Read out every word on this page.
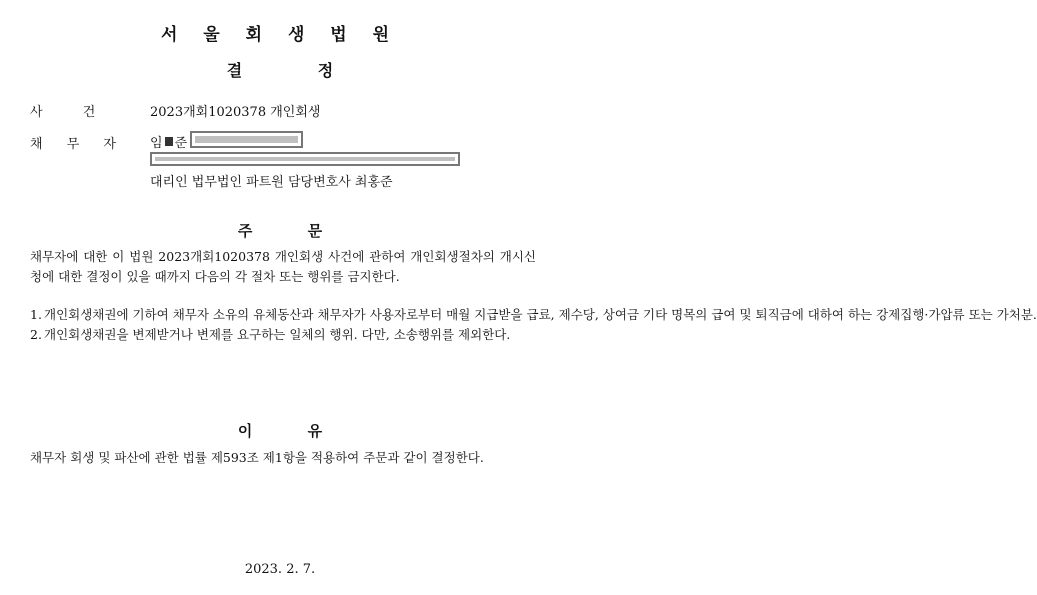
서 울 회 생 법 원
결 정
사 건	2023개회1020378 개인회생
채 무 자	임 준
대리인 법무법인 파트원 담당변호사 최홍준
주 문
채무자에 대한 이 법원 2023개회1020378 개인회생 사건에 관하여 개인회생절차의 개시신청에 대한 결정이 있을 때까지 다음의 각 절차 또는 행위를 금지한다.
1. 개인회생채권에 기하여 채무자 소유의 유체동산과 채무자가 사용자로부터 매월 지급받을 급료, 제수당, 상여금 기타 명목의 급여 및 퇴직금에 대하여 하는 강제집행·가압류 또는 가처분.
2. 개인회생채권을 변제받거나 변제를 요구하는 일체의 행위. 다만, 소송행위를 제외한다.
이 유
채무자 회생 및 파산에 관한 법률 제593조 제1항을 적용하여 주문과 같이 결정한다.
2023. 2. 7.
